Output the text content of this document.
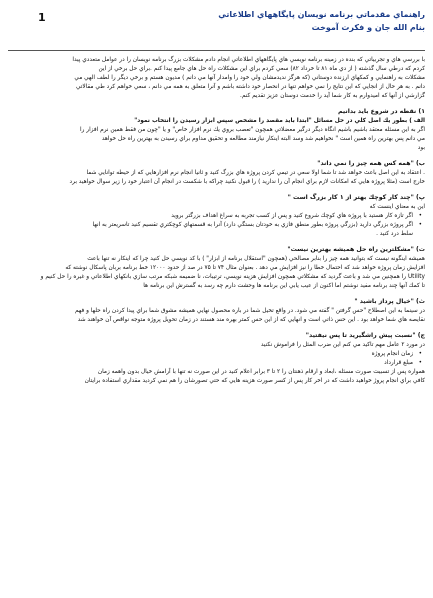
1	راهنماي مقدماتي برنامه نويسان پايگاههاي اطلاعاتي
بنام الله جان و فكرت آموخت

با بررسي هاي و تجربياتي كه بنده در زمينه برنامه نويسي هاي پايگاههاي اطلاعاتي انجام دادم مشكلات بزرگ برنامه نويسان را در عوامل متعددي پيدا

كردم كه درطي سال گذشته ( از دي ماه ۸۱ تا خرداد ۸۲) سعي كردم براي اين مشكلات راه حل هاي جامع پيدا كنم .براي حل برخي از اين

مشكلات به راهنمايي و كمكهاي ارزنده دوستاني (كه هرگز نديدمشان ولي خود را وامدار آنها مي دانم ) مديون هستم و برخي ديگر را لطف الهي مي

دانم . به هر حال از انجايي كه اين نتايج را نمي خواهم تنها در انحصار خود داشته باشم و آنرا متعلق به همه مي دانم ، سعي خواهم كرد طي مقالاتي

گزارشي از آنها كه اميدوارم به كار شما آيد را خدمت دوستان عزيز تقديم كنم.

۱) نقطه در شروع بايد بدانيم

الف ) بطور يك اصل كلي در حل مسائل "ابتدا بايد مقصد را مشخص سپس ابزار رسيدن را انتخاب نمود"

اگر به اين مسئله معتقد باشيم باشيم انگاه ديگر درگير معضلاتي همچون "تعصب بروي يك نرم افزار خاص" و يا "چون من فقط همين نرم افزار را

مي دانم پس بهترين راه همين است " نخواهيم شد وسد البته اينكار نيازمند مطالعه و تحقيق مداوم براي رسيدن به بهترين راه حل خواهد

بود

ب) "همه كس همه چيز را نمي داند"

. اعتقاد به اين اصل باعث خواهد شد تا شما اولا سعي در تيمي كردن پروژه هاي بزرگ كنيد و ثانيا انجام نرم افزارهايي كه از حيطه توانايي شما

خارج است (مثلا پروژه هايي كه امكانات لازم براي انجام آن را نداريد ) را قبول نكنيد چراكه با شكست در انجام آن اعتبار خود را زير سوال خواهيد برد

پ) "چند كار كوچك بهتر از ۱ كار بزرگ است "

اين به معناي اينست كه

• اگر تازه كار هستيد با پروژه هاي كوچك شروع كنيد و پس از كسب تجربه به سراغ اهداف بزرگتر برويد

• اگر پروژه بزرگي داريد (بزرگي پروژه بطور منطق فازي به خودتان بستگي دارد) آنرا به قسمتهاي كوچكتري تقسيم كنيد تاسريعتر به انها

سلط درد كنيد .

ت) "مشكلترين راه حل هميشه بهترين نيست"

هميشه اينگونه نيست كه بتوانيد همه چيز را بنابر مصالحي (همچون "استقلال برنامه از ابزار" ) با كد نويسي حل كنيد چرا كه اينكار نه تنها باعث

افزايش زمان پروژه خواهد شد كه احتمال خطا را نيز افزايش مي دهد . بعنوان مثال ۷۴ تا ۷۵ در صد از حدود ۱۲۰۰۰ خط برنامه بربان پاسكال نوشته كه

Utility را همچنين مي شد و باعث گرديد كه مشكلاتي همچون افزايش هزينه نويسي، ترتيبات، نا ضميمه شبكه مرتب سازي بانكهاي اطلاعاتي و غيره را حل كنيم و

تا كمك آنها چند برنامه مفيد نوشتم اما اكنون از عيب يابي اين برنامه ها وحشت دارم چه رسد به گسترش اين برنامه ها

ث) "خيال پرداز باشيد "

در سينما به اين اصطلاح "حس گرفتن " گفته مي شود. در واقع تخيل شما در باره محصول نهايي هميشه مشوق شما براي پيدا كردن راه حلها و فهم

نقايصه هاي شما خواهد بود . اين حس ذاتي است و انهايي كه از اين حس كمتر بهره مند هستند در زمان تحويل پروژه متوجه نواقص آن خواهند شد

ج) "نسبت پيش راشگيريد تا پس نيفتيد"

در مورد ۲ عامل مهم تاكيد مي كنم اين ضرب المثل را فراموش نكنيد

• زمان انجام پروژه

• مبلغ قرارداد

همواره پس از تسبيت صورت مسئله ،ابعاد و ارقام ذهنتان را ۲ تا ۳ برابر اعلام كنيد در اين صورت نه تنها با آرامش خيال بدون واهمه زمان

كافي براي انجام پروژ خواهيد داشت كه در اخر كار پس از كسر صورت هزينه هايي كه حتي تصورشان را هم نمي كرديد مقداري استفاده برايتان
